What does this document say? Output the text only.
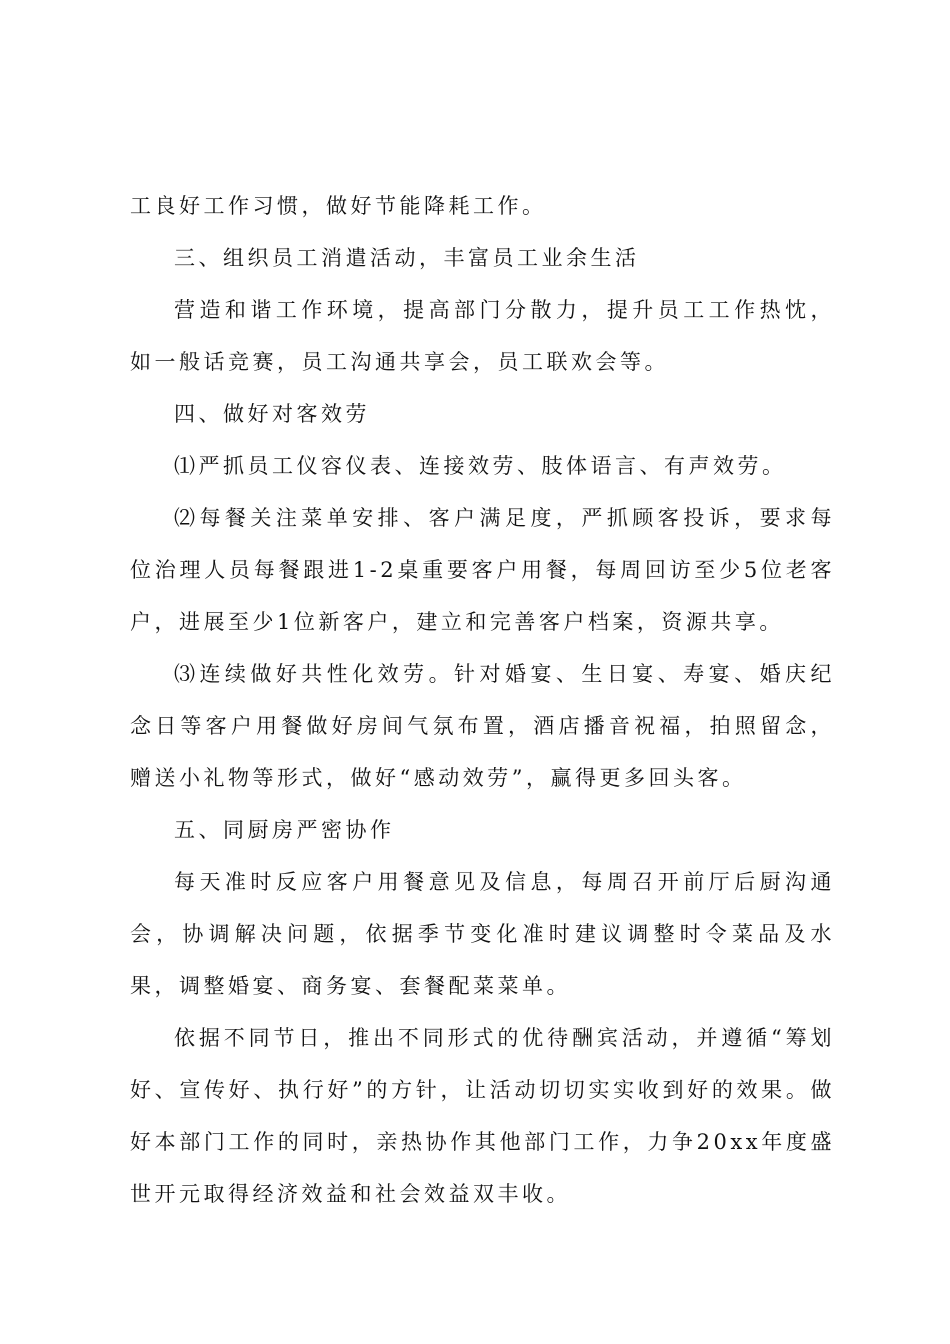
工良好工作习惯，做好节能降耗工作。

三、组织员工消遣活动，丰富员工业余生活

营造和谐工作环境，提高部门分散力，提升员工工作热忱，如一般话竞赛，员工沟通共享会，员工联欢会等。

四、做好对客效劳

⑴严抓员工仪容仪表、连接效劳、肢体语言、有声效劳。

⑵每餐关注菜单安排、客户满足度，严抓顾客投诉，要求每位治理人员每餐跟进1-2桌重要客户用餐，每周回访至少5位老客户，进展至少1位新客户，建立和完善客户档案，资源共享。

⑶连续做好共性化效劳。针对婚宴、生日宴、寿宴、婚庆纪念日等客户用餐做好房间气氛布置，酒店播音祝福，拍照留念，赠送小礼物等形式，做好“感动效劳”，赢得更多回头客。

五、同厨房严密协作

每天准时反应客户用餐意见及信息，每周召开前厅后厨沟通会，协调解决问题，依据季节变化准时建议调整时令菜品及水果，调整婚宴、商务宴、套餐配菜菜单。

依据不同节日，推出不同形式的优待酬宾活动，并遵循“筹划好、宣传好、执行好”的方针，让活动切切实实收到好的效果。做好本部门工作的同时，亲热协作其他部门工作，力争20xx年度盛世开元取得经济效益和社会效益双丰收。
